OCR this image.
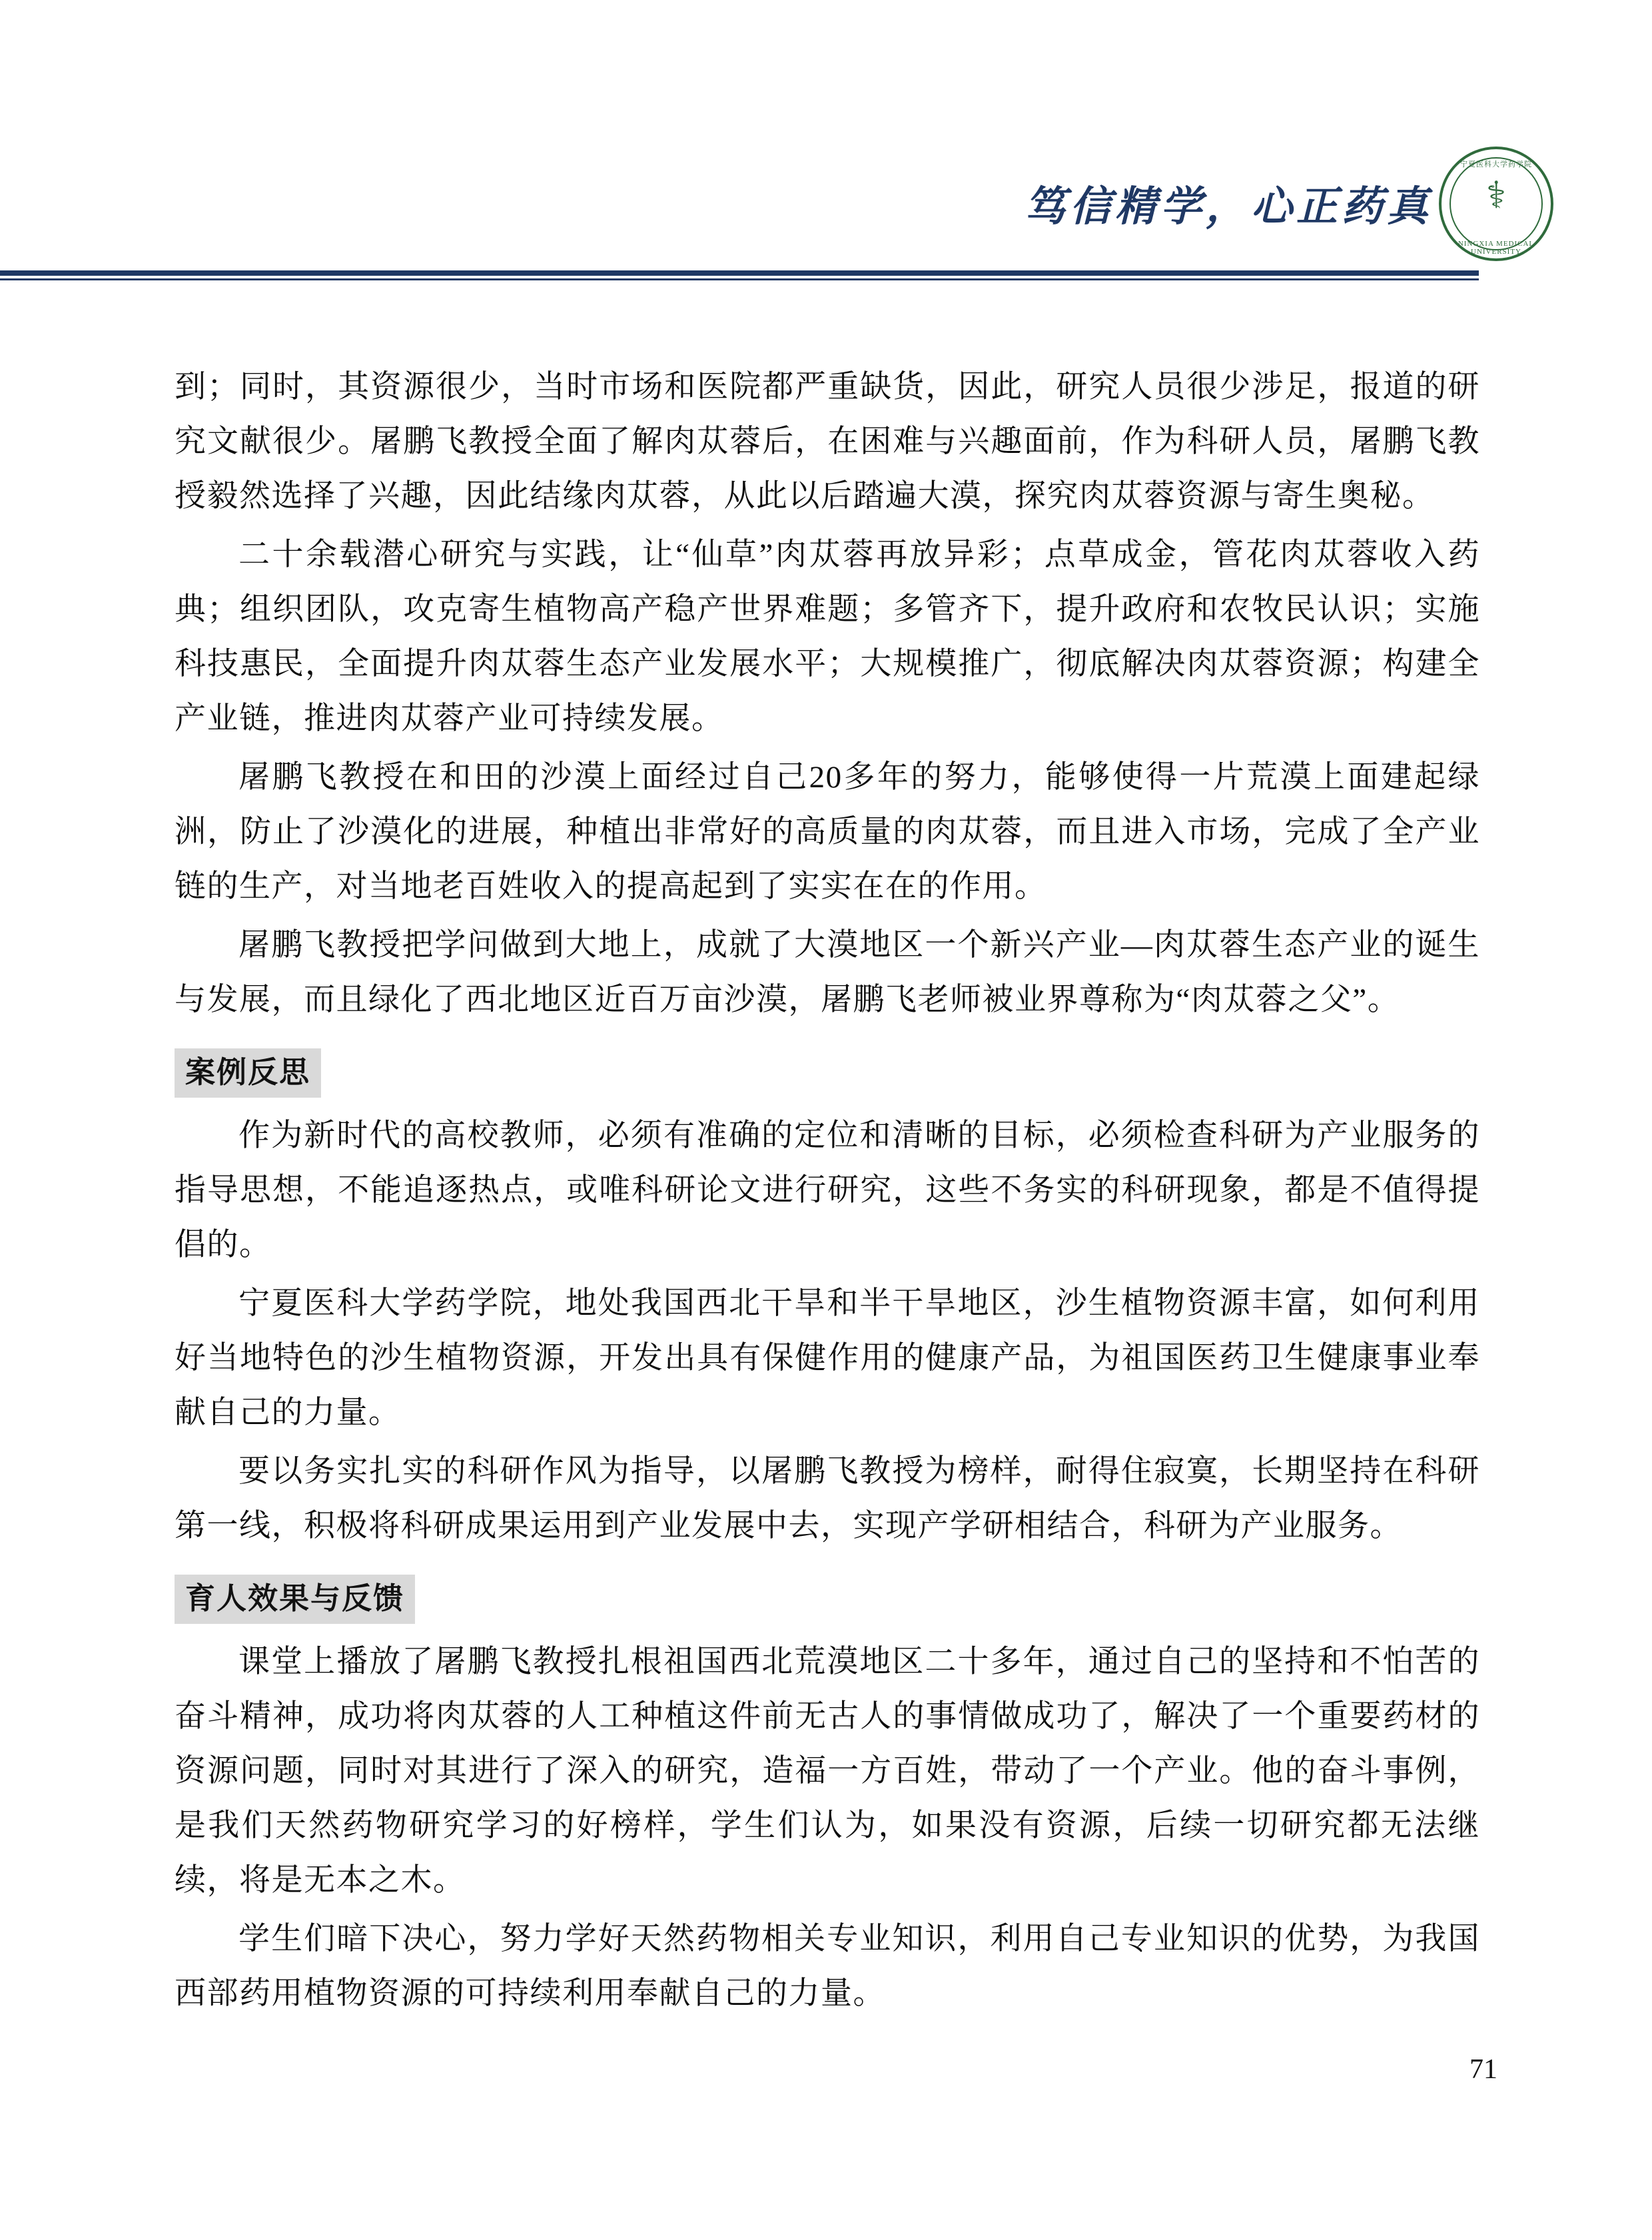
笃信精学，心正药真
宁夏医科大学药学院
⚕
NINGXIA MEDICAL UNIVERSITY

到；同时，其资源很少，当时市场和医院都严重缺货，因此，研究人员很少涉足，报道的研究文献很少。屠鹏飞教授全面了解肉苁蓉后，在困难与兴趣面前，作为科研人员，屠鹏飞教授毅然选择了兴趣，因此结缘肉苁蓉，从此以后踏遍大漠，探究肉苁蓉资源与寄生奥秘。

二十余载潜心研究与实践，让“仙草”肉苁蓉再放异彩；点草成金，管花肉苁蓉收入药典；组织团队，攻克寄生植物高产稳产世界难题；多管齐下，提升政府和农牧民认识；实施科技惠民，全面提升肉苁蓉生态产业发展水平；大规模推广，彻底解决肉苁蓉资源；构建全产业链，推进肉苁蓉产业可持续发展。

屠鹏飞教授在和田的沙漠上面经过自己20多年的努力，能够使得一片荒漠上面建起绿洲，防止了沙漠化的进展，种植出非常好的高质量的肉苁蓉，而且进入市场，完成了全产业链的生产，对当地老百姓收入的提高起到了实实在在的作用。

屠鹏飞教授把学问做到大地上，成就了大漠地区一个新兴产业—肉苁蓉生态产业的诞生与发展，而且绿化了西北地区近百万亩沙漠，屠鹏飞老师被业界尊称为“肉苁蓉之父”。

案例反思

作为新时代的高校教师，必须有准确的定位和清晰的目标，必须检查科研为产业服务的指导思想，不能追逐热点，或唯科研论文进行研究，这些不务实的科研现象，都是不值得提倡的。

宁夏医科大学药学院，地处我国西北干旱和半干旱地区，沙生植物资源丰富，如何利用好当地特色的沙生植物资源，开发出具有保健作用的健康产品，为祖国医药卫生健康事业奉献自己的力量。

要以务实扎实的科研作风为指导，以屠鹏飞教授为榜样，耐得住寂寞，长期坚持在科研第一线，积极将科研成果运用到产业发展中去，实现产学研相结合，科研为产业服务。

育人效果与反馈

课堂上播放了屠鹏飞教授扎根祖国西北荒漠地区二十多年，通过自己的坚持和不怕苦的奋斗精神，成功将肉苁蓉的人工种植这件前无古人的事情做成功了，解决了一个重要药材的资源问题，同时对其进行了深入的研究，造福一方百姓，带动了一个产业。他的奋斗事例，是我们天然药物研究学习的好榜样，学生们认为，如果没有资源，后续一切研究都无法继续，将是无本之木。

学生们暗下决心，努力学好天然药物相关专业知识，利用自己专业知识的优势，为我国西部药用植物资源的可持续利用奉献自己的力量。

71
